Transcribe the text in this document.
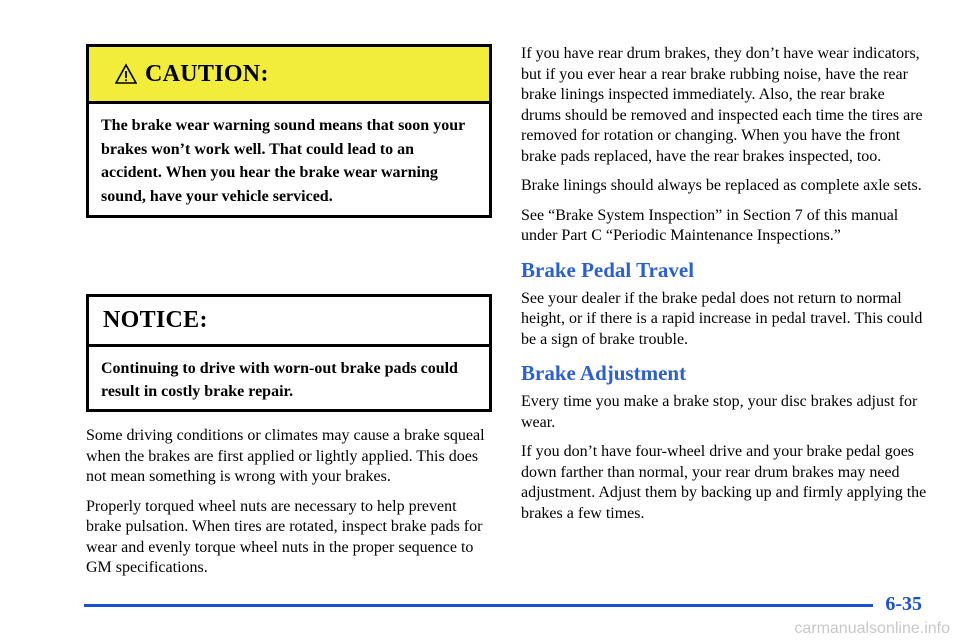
CAUTION:
The brake wear warning sound means that soon your brakes won’t work well. That could lead to an accident. When you hear the brake wear warning sound, have your vehicle serviced.
NOTICE:
Continuing to drive with worn-out brake pads could result in costly brake repair.

Some driving conditions or climates may cause a brake squeal when the brakes are first applied or lightly applied. This does not mean something is wrong with your brakes.

Properly torqued wheel nuts are necessary to help prevent brake pulsation. When tires are rotated, inspect brake pads for wear and evenly torque wheel nuts in the proper sequence to GM specifications.

If you have rear drum brakes, they don’t have wear indicators, but if you ever hear a rear brake rubbing noise, have the rear brake linings inspected immediately. Also, the rear brake drums should be removed and inspected each time the tires are removed for rotation or changing. When you have the front brake pads replaced, have the rear brakes inspected, too.

Brake linings should always be replaced as complete axle sets.

See “Brake System Inspection” in Section 7 of this manual under Part C “Periodic Maintenance Inspections.”

Brake Pedal Travel

See your dealer if the brake pedal does not return to normal height, or if there is a rapid increase in pedal travel. This could be a sign of brake trouble.

Brake Adjustment

Every time you make a brake stop, your disc brakes adjust for wear.

If you don’t have four-wheel drive and your brake pedal goes down farther than normal, your rear drum brakes may need adjustment. Adjust them by backing up and firmly applying the brakes a few times.

6-35
carmanualsonline.info
